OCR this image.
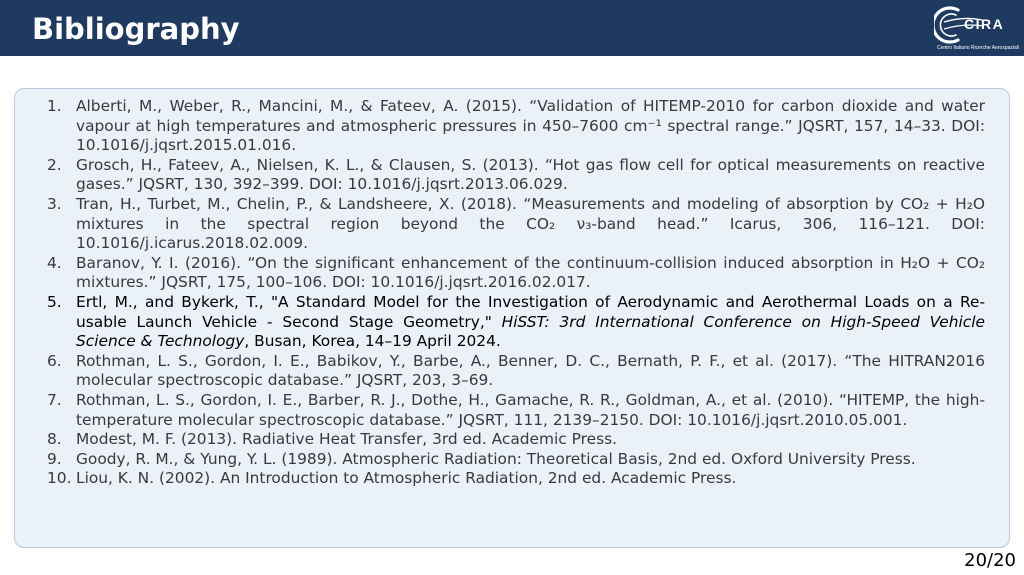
Bibliography	CIRA
Centro Italiano Ricerche Aerospaziali
1. Alberti, M., Weber, R., Mancini, M., & Fateev, A. (2015). “Validation of HITEMP-2010 for carbon dioxide and water vapour at high temperatures and atmospheric pressures in 450–7600 cm⁻¹ spectral range.” JQSRT, 157, 14–33. DOI: 10.1016/j.jqsrt.2015.01.016.
2. Grosch, H., Fateev, A., Nielsen, K. L., & Clausen, S. (2013). “Hot gas flow cell for optical measurements on reactive gases.” JQSRT, 130, 392–399. DOI: 10.1016/j.jqsrt.2013.06.029.
3. Tran, H., Turbet, M., Chelin, P., & Landsheere, X. (2018). “Measurements and modeling of absorption by CO₂ + H₂O mixtures in the spectral region beyond the CO₂ ν₃-band head.” Icarus, 306, 116–121. DOI: 10.1016/j.icarus.2018.02.009.
4. Baranov, Y. I. (2016). “On the significant enhancement of the continuum-collision induced absorption in H₂O + CO₂ mixtures.” JQSRT, 175, 100–106. DOI: 10.1016/j.jqsrt.2016.02.017.
5. Ertl, M., and Bykerk, T., "A Standard Model for the Investigation of Aerodynamic and Aerothermal Loads on a Re-usable Launch Vehicle - Second Stage Geometry," HiSST: 3rd International Conference on High-Speed Vehicle Science & Technology, Busan, Korea, 14–19 April 2024.
6. Rothman, L. S., Gordon, I. E., Babikov, Y., Barbe, A., Benner, D. C., Bernath, P. F., et al. (2017). “The HITRAN2016 molecular spectroscopic database.” JQSRT, 203, 3–69.
7. Rothman, L. S., Gordon, I. E., Barber, R. J., Dothe, H., Gamache, R. R., Goldman, A., et al. (2010). “HITEMP, the high-temperature molecular spectroscopic database.” JQSRT, 111, 2139–2150. DOI: 10.1016/j.jqsrt.2010.05.001.
8. Modest, M. F. (2013). Radiative Heat Transfer, 3rd ed. Academic Press.
9. Goody, R. M., & Yung, Y. L. (1989). Atmospheric Radiation: Theoretical Basis, 2nd ed. Oxford University Press.
10. Liou, K. N. (2002). An Introduction to Atmospheric Radiation, 2nd ed. Academic Press.
20/20
